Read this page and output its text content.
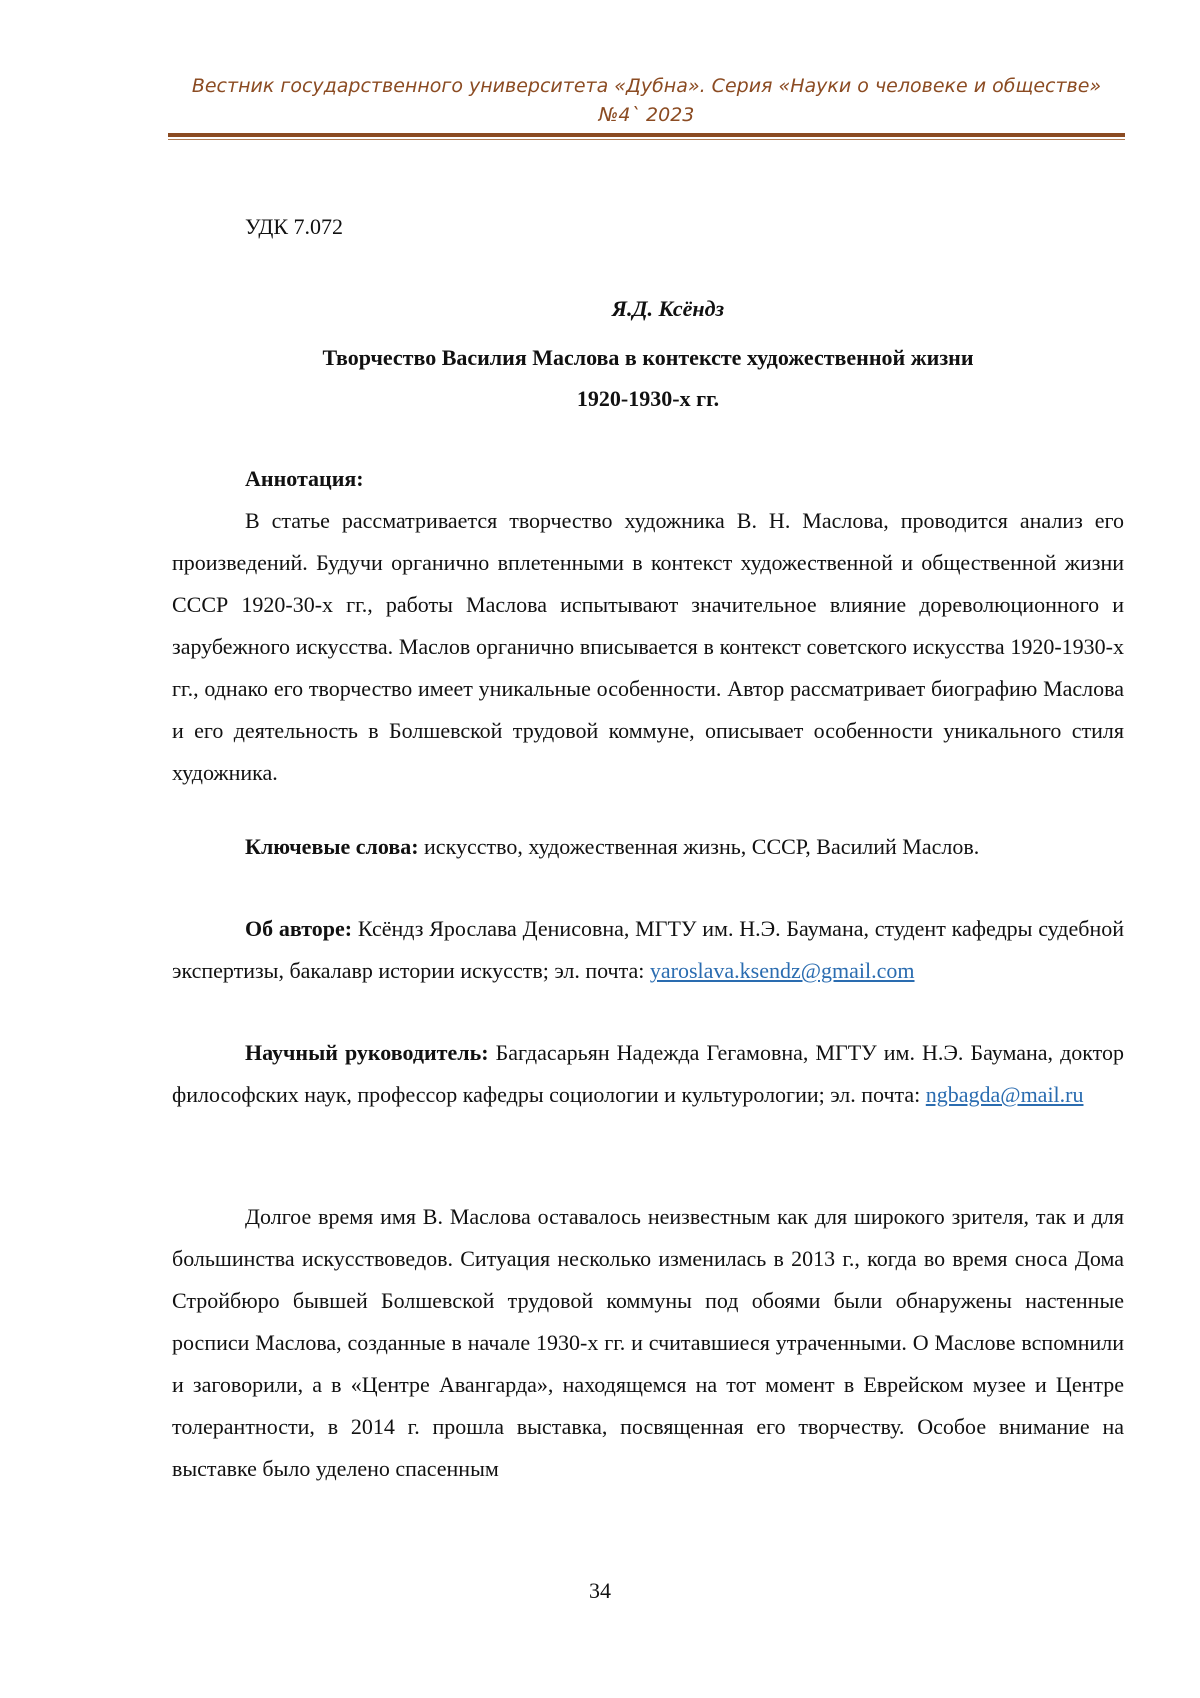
Вестник государственного университета «Дубна». Серия «Науки о человеке и обществе»
№4` 2023
УДК 7.072
Я.Д. Ксёндз
Творчество Василия Маслова в контексте художественной жизни
1920-1930-х гг.
Аннотация:

В статье рассматривается творчество художника В. Н. Маслова, проводится анализ его произведений. Будучи органично вплетенными в контекст художественной и общественной жизни СССР 1920-30-х гг., работы Маслова испытывают значительное влияние дореволюционного и зарубежного искусства. Маслов органично вписывается в контекст советского искусства 1920-1930-х гг., однако его творчество имеет уникальные особенности. Автор рассматривает биографию Маслова и его деятельность в Болшевской трудовой коммуне, описывает особенности уникального стиля художника.

Ключевые слова: искусство, художественная жизнь, СССР, Василий Маслов.

Об авторе: Ксёндз Ярослава Денисовна, МГТУ им. Н.Э. Баумана, студент кафедры судебной экспертизы, бакалавр истории искусств; эл. почта: yaroslava.ksendz@gmail.com

Научный руководитель: Багдасарьян Надежда Гегамовна, МГТУ им. Н.Э. Баумана, доктор философских наук, профессор кафедры социологии и культурологии; эл. почта: ngbagda@mail.ru

Долгое время имя В. Маслова оставалось неизвестным как для широкого зрителя, так и для большинства искусствоведов. Ситуация несколько изменилась в 2013 г., когда во время сноса Дома Стройбюро бывшей Болшевской трудовой коммуны под обоями были обнаружены настенные росписи Маслова, созданные в начале 1930-х гг. и считавшиеся утраченными. О Маслове вспомнили и заговорили, а в «Центре Авангарда», находящемся на тот момент в Еврейском музее и Центре толерантности, в 2014 г. прошла выставка, посвященная его творчеству. Особое внимание на выставке было уделено спасенным

34
